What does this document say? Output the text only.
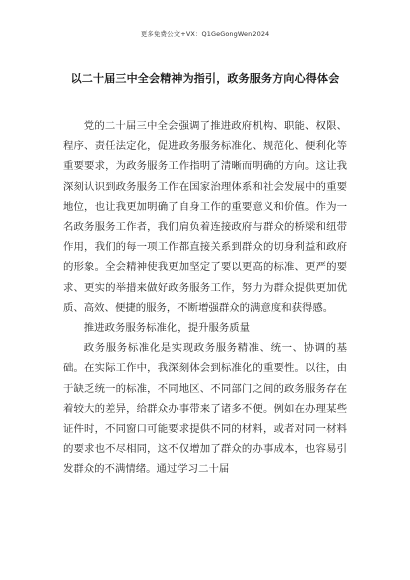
更多免费公文+VX：Q1GeGongWen2024
以二十届三中全会精神为指引，政务服务方向心得体会

党的二十届三中全会强调了推进政府机构、职能、权限、程序、责任法定化，促进政务服务标准化、规范化、便利化等重要要求，为政务服务工作指明了清晰而明确的方向。这让我深刻认识到政务服务工作在国家治理体系和社会发展中的重要地位，也让我更加明确了自身工作的重要意义和价值。作为一名政务服务工作者，我们肩负着连接政府与群众的桥梁和纽带作用，我们的每一项工作都直接关系到群众的切身利益和政府的形象。全会精神使我更加坚定了要以更高的标准、更严的要求、更实的举措来做好政务服务工作，努力为群众提供更加优质、高效、便捷的服务，不断增强群众的满意度和获得感。

推进政务服务标准化，提升服务质量

政务服务标准化是实现政务服务精准、统一、协调的基础。在实际工作中，我深刻体会到标准化的重要性。以往，由于缺乏统一的标准，不同地区、不同部门之间的政务服务存在着较大的差异，给群众办事带来了诸多不便。例如在办理某些证件时，不同窗口可能要求提供不同的材料，或者对同一材料的要求也不尽相同，这不仅增加了群众的办事成本，也容易引发群众的不满情绪。通过学习二十届
